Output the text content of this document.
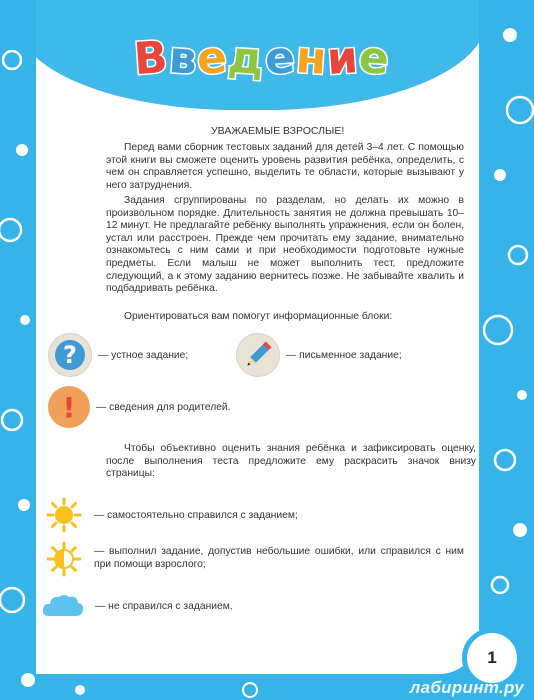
В
в
е
д
е
н
и
е
УВАЖАЕМЫЕ ВЗРОСЛЫЕ!
Перед вами сборник тестовых заданий для детей 3–4 лет. С помощью этой книги вы сможете оценить уровень развития ребёнка, определить, с чем он справляется успешно, выделить те области, которые вызывают у него затруднения.
Задания сгруппированы по разделам, но делать их можно в произвольном порядке. Длительность занятия не должна превышать 10–12 минут. Не предлагайте ребёнку выполнять упражнения, если он болен, устал или расстроен. Прежде чем прочитать ему задание, внимательно ознакомьтесь с ним сами и при необходимости подготовьте нужные предметы. Если малыш не может выполнить тест, предложите следующий, а к этому заданию вернитесь позже. Не забывайте хвалить и подбадривать ребёнка.
Ориентироваться вам помогут информационные блоки:
? — устное задание;	— письменное задание;
! — сведения для родителей.
Чтобы объективно оценить знания ребёнка и зафиксировать оценку, после выполнения теста предложите ему раскрасить значок внизу страницы:
— самостоятельно справился с заданием;
— выполнил задание, допустив небольшие ошибки, или справился с ним при помощи взрослого;
— не справился с заданием.
1
лабиринт.ру
